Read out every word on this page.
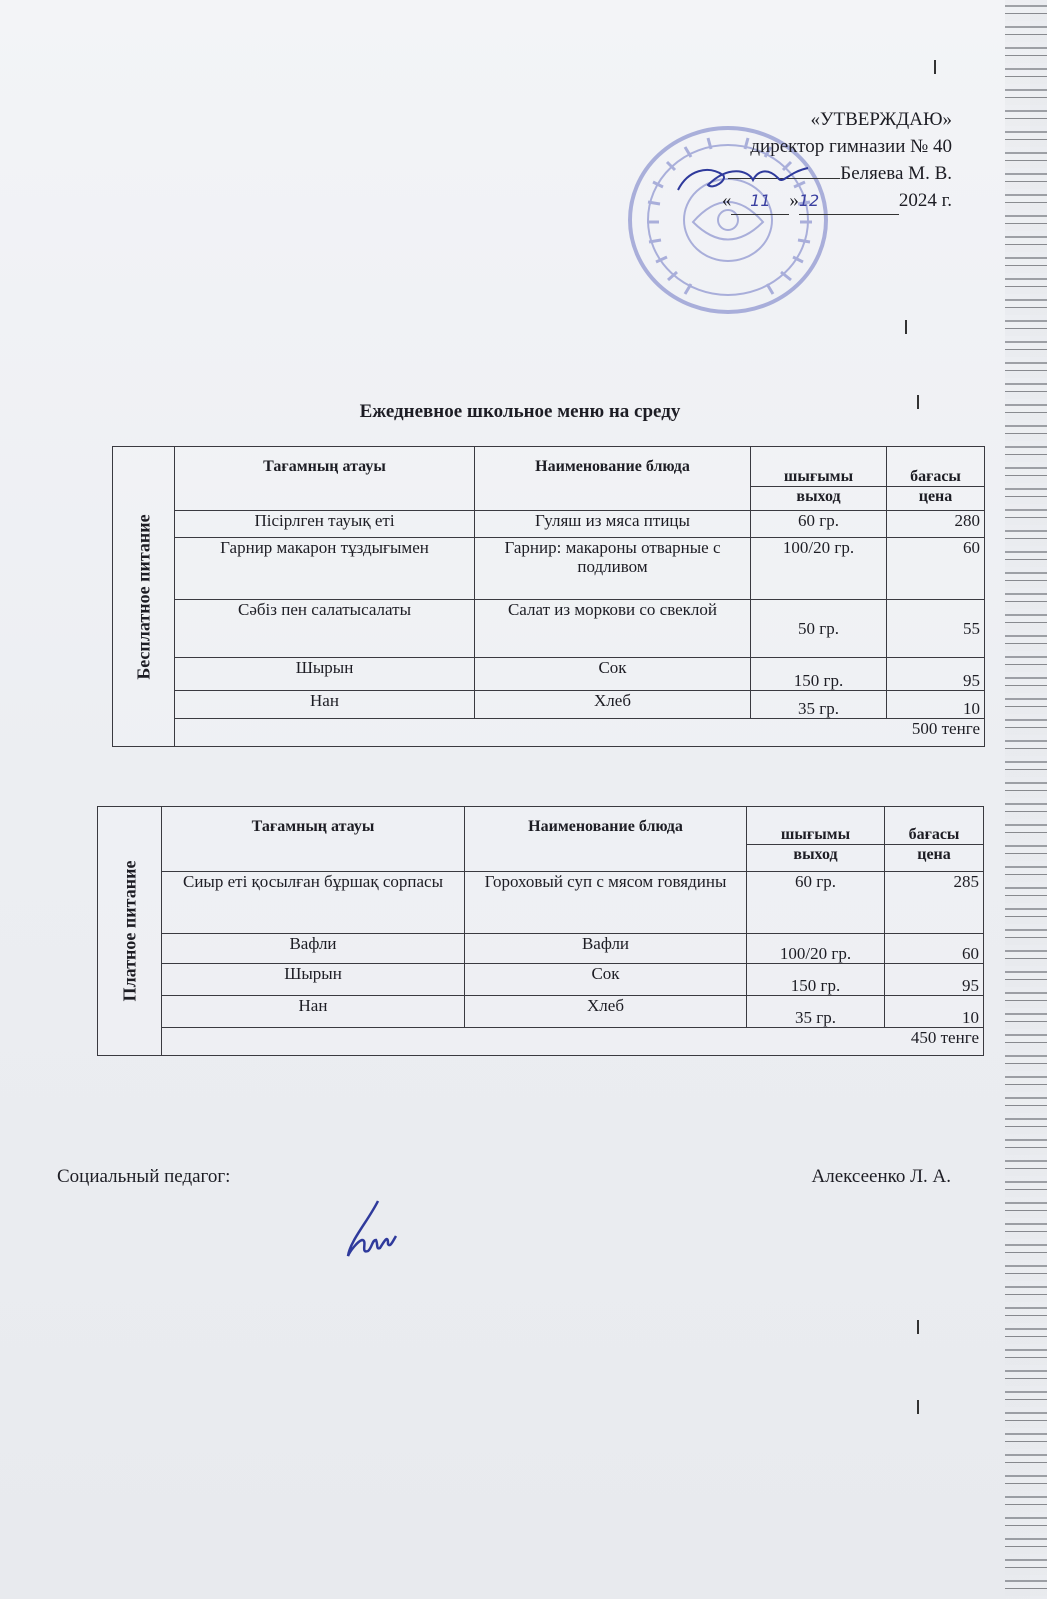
«УТВЕРЖДАЮ»
директор гимназии № 40
Беляева М. В.
« 11 »12	2024 г.
Ежедневное школьное меню на среду
Бесплатное питание	Тағамның атауы	Наименование блюда	шығымы	бағасы
			выход	цена
	Пісірлген тауық еті	Гуляш из мяса птицы	60 гр.	280
	Гарнир макарон тұздығымен	Гарнир: макароны отварные с подливом	100/20 гр.	60
	Сәбіз пен салатысалаты	Салат из моркови со свеклой	50 гр.	55
	Шырын	Сок	150 гр.	95
	Нан	Хлеб	35 гр.	10
	500 тенге			
Платное питание	Тағамның атауы	Наименование блюда	шығымы	бағасы
			выход	цена
	Сиыр еті қосылған бұршақ сорпасы	Гороховый суп с мясом говядины	60 гр.	285
	Вафли	Вафли	100/20 гр.	60
	Шырын	Сок	150 гр.	95
	Нан	Хлеб	35 гр.	10
	450 тенге			
Социальный педагог:	Алексеенко Л. А.
